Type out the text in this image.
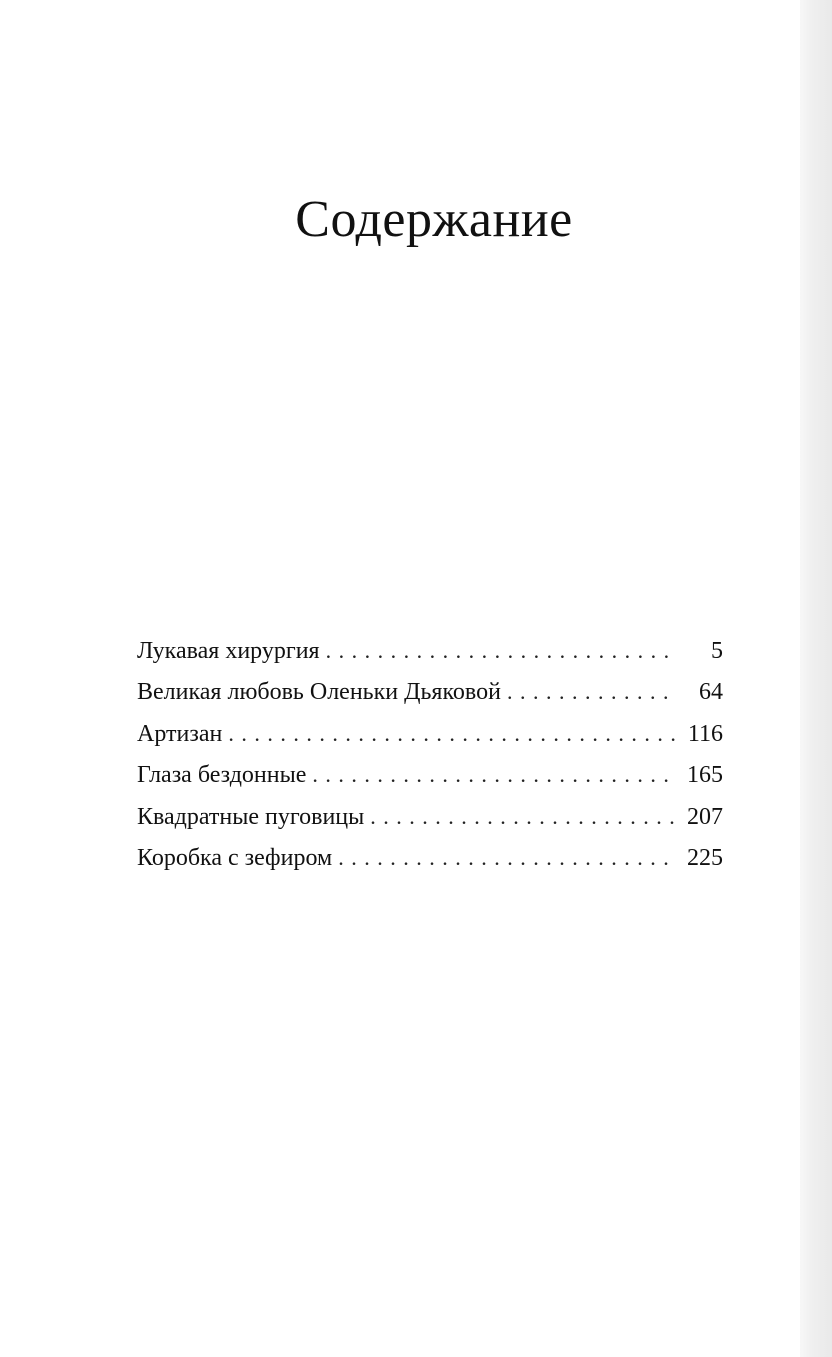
Содержание
Лукавая хирургия . . .	5
Великая любовь Оленьки Дьяковой . . .	64
Артизан . . .	116
Глаза бездонные . . .	165
Квадратные пуговицы . . .	207
Коробка с зефиром . . .	225
